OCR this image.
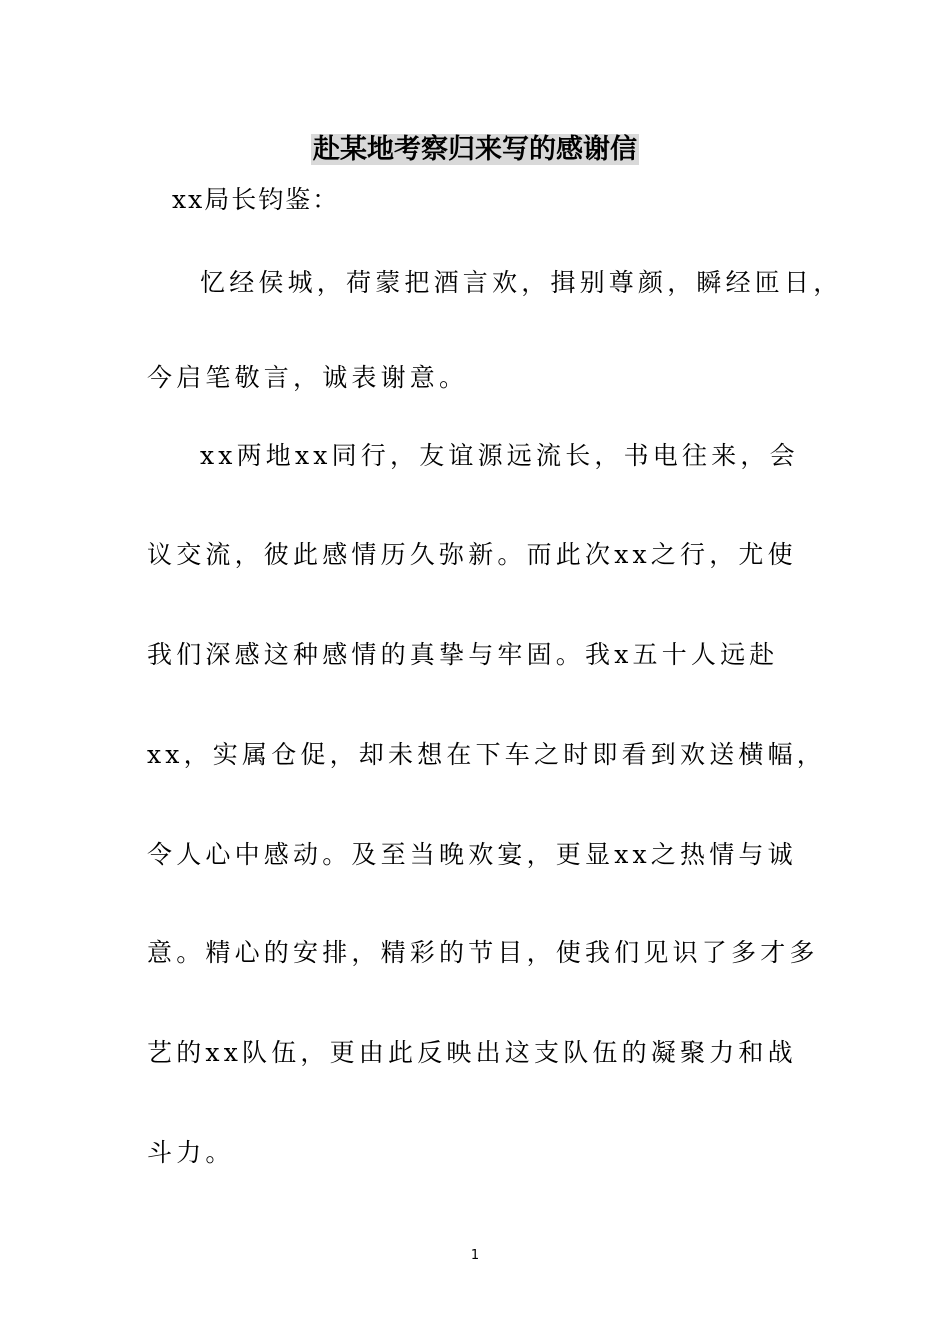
赴某地考察归来写的感谢信
xx局长钧鉴：
忆经侯城，荷蒙把酒言欢，揖别尊颜，瞬经匝日，
今启笔敬言，诚表谢意。
xx两地xx同行，友谊源远流长，书电往来，会
议交流，彼此感情历久弥新。而此次xx之行，尤使
我们深感这种感情的真挚与牢固。我x五十人远赴
xx，实属仓促，却未想在下车之时即看到欢送横幅，
令人心中感动。及至当晚欢宴，更显xx之热情与诚
意。精心的安排，精彩的节目，使我们见识了多才多
艺的xx队伍，更由此反映出这支队伍的凝聚力和战
斗力。
1
